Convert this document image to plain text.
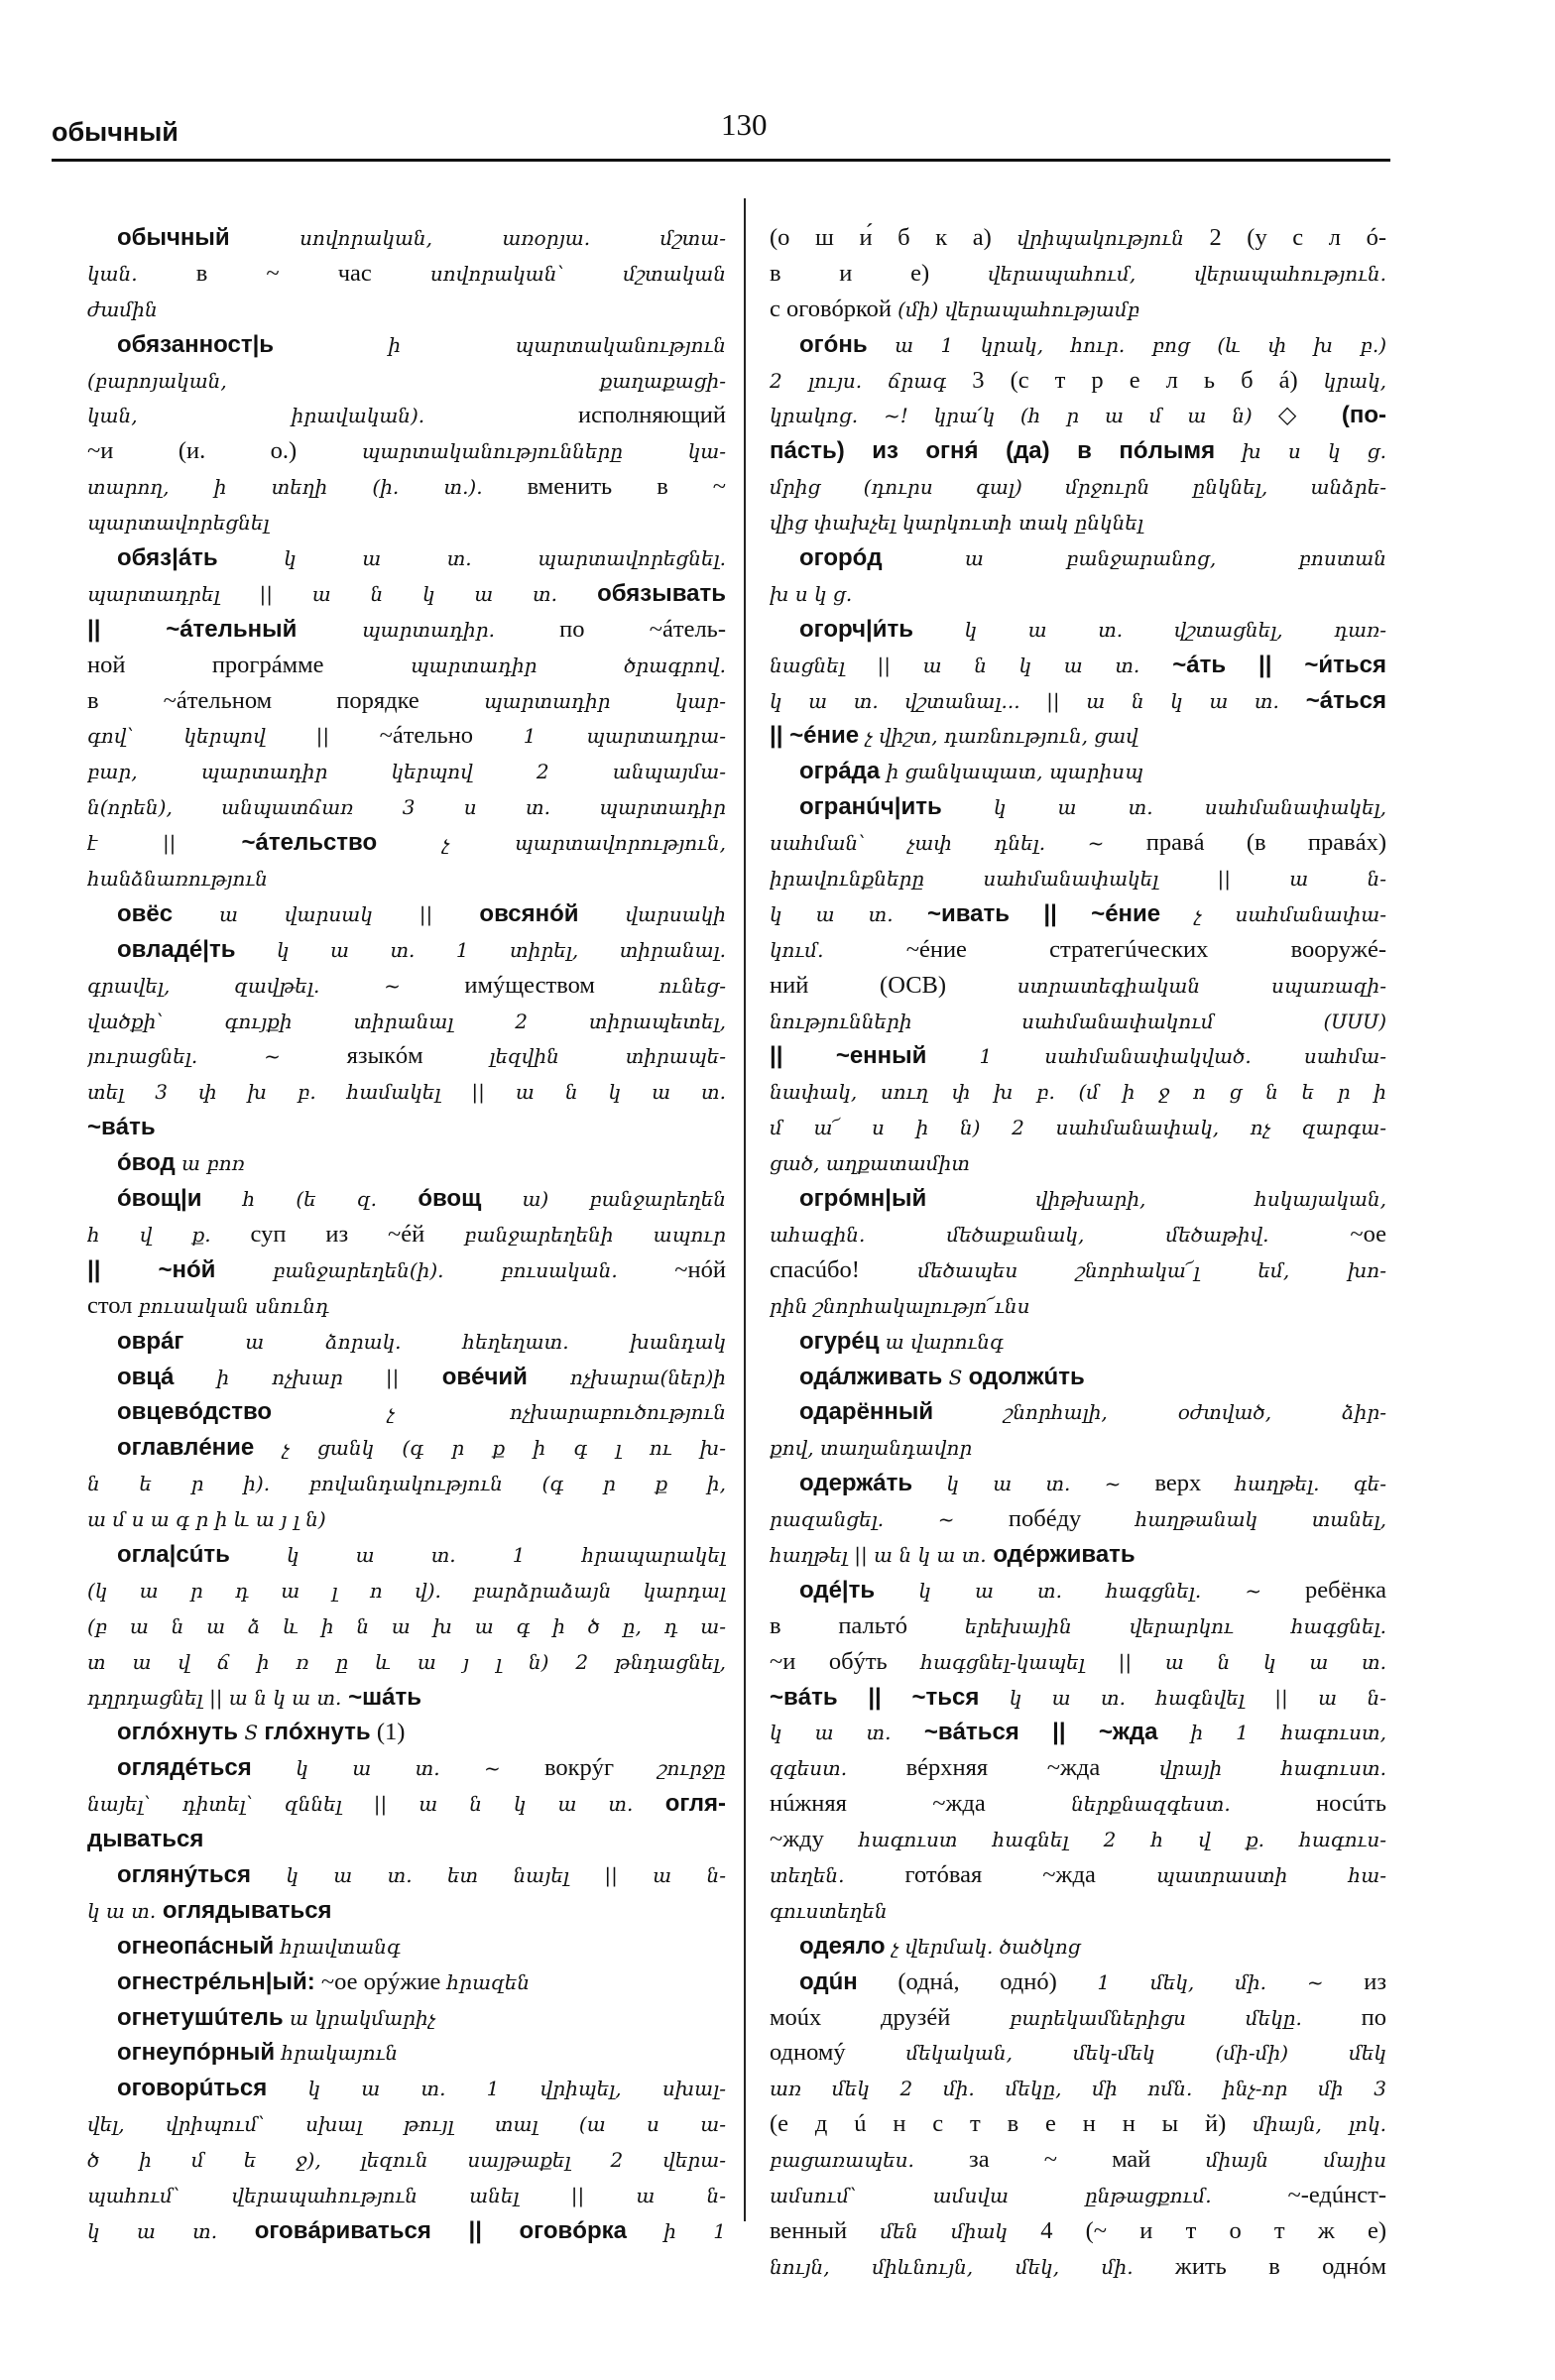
обычный	130
обычный սովորական, առօրյա. մշտա-
կան. в ~ час սովորական՝ մշտական
ժամին
обязанност|ь ի պարտականություն
(բարոյական, քաղաքացի-
կան, իրավական). исполняющий
~и (и. о.) պարտականությունները կա-
տարող, ի տեղի (ի. տ.). вменить в ~
պարտավորեցնել
обяз|áть կ ա տ. պարտավորեցնել.
պարտադրել || ա ն կ ա տ. обязывать
|| ~áтельный պարտադիր. по ~áтель-
ной прогрáмме պարտադիր ծրագրով.
в ~áтельном порядке պարտադիր կար-
գով՝ կերպով || ~áтельно 1 պարտադրա-
բար, պարտադիր կերպով 2 անպայմա-
ն(որեն), անպատճառ 3 ս տ. պարտադիր
է || ~áтельство չ պարտավորություն,
հանձնառություն
овёс ա վարսակ || овсянóй վարսակի
овладé|ть կ ա տ. 1 տիրել, տիրանալ.
գրավել, զավթել. ~ имýществом ունեց-
վածքի՝ գույքի տիրանալ 2 տիրապետել,
յուրացնել. ~ языкóм լեզվին տիրապե-
տել 3 փ խ բ. համակել || ա ն կ ա տ.
~вáть
óвод ա բոռ
óвощ|и հ (ե զ. óвощ ա) բանջարեղեն
հ վ ք. суп из ~éй բանջարեղենի ապուր
|| ~нóй բանջարեղեն(ի). բուսական. ~нóй
стол բուսական սնունդ
оврáг ա ձորակ. հեղեղատ. խանդակ
овцá ի ոչխար || овéчий ոչխարա(ներ)ի
овцевóдство չ ոչխարաբուծություն
оглавлéние չ ցանկ (գ ր ք ի գ լ ու խ-
ն ե ր ի). բովանդակություն (գ ր ք ի,
ա մ ս ա գ ր ի և ա յ լ ն)
огла|сúть կ ա տ. 1 հրապարակել
(կ ա ր դ ա լ ո վ). բարձրաձայն կարդալ
(բ ա ն ա ձ և ի ն ա խ ա գ ի ծ ը, դ ա-
տ ա վ ճ ի ռ ը և ա յ լ ն) 2 թնդացնել,
դղրդացնել || ա ն կ ա տ. ~шáть
оглóхнуть S глóхнуть (1)
оглядéться կ ա տ. ~ вокрýг շուրջը
նայել՝ դիտել՝ զննել || ա ն կ ա տ. огля-
дываться
оглянýться կ ա տ. ետ նայել || ա ն-
կ ա տ. оглядываться
огнеопáсный հրավտանգ
огнестрéльн|ый: ~ое орýжие հրազեն
огнетушúтель ա կրակմարիչ
огнеупóрный հրակայուն
оговорúться կ ա տ. 1 վրիպել, սխալ-
վել, վրիպում՝ սխալ թույլ տալ (ա ս ա-
ծ ի մ ե ջ), լեզուն սայթաքել 2 վերա-
պահում՝ վերապահություն անել || ա ն-
կ ա տ. оговáриваться || оговóрка ի 1
(о ш и́ б к а) վրիպակություն 2 (у с л ó-
в и е) վերապահում, վերապահություն.
с оговóркой (մի) վերապահությամբ
огóнь ա 1 կրակ, հուր. բոց (և փ խ բ.)
2 լույս. ճրագ 3 (с т р е л ь б á) կրակ,
կրակոց. ~! կրա՛կ (հ ր ա մ ա ն) ◇ (по-
пáсть) из огня́ (да) в пóлымя խ ս կ ց.
մրից (դուրս գալ) մրջուրն ընկնել, անձրե-
վից փախչել կարկուտի տակ ընկնել
огорóд ա բանջարանոց, բոստան
խ ս կ ց.
огорч|и́ть կ ա տ. վշտացնել, դառ-
նացնել || ա ն կ ա տ. ~áть || ~и́ться
կ ա տ. վշտանալ... || ա ն կ ա տ. ~áться
|| ~éние չ վիշտ, դառնություն, ցավ
огрáда ի ցանկապատ, պարիսպ
огранúч|ить կ ա տ. սահմանափակել,
սահման՝ չափ դնել. ~ правá (в правáх)
իրավունքները սահմանափակել || ա ն-
կ ա տ. ~ивать || ~éние չ սահմանափա-
կում. ~éние стратегúческих воорyжé-
ний (ОСВ) ստրատեգիական սպառազի-
նությունների սահմանափակում (ՍՍՍ)
|| ~енный 1 սահմանափակված. սահմա-
նափակ, սուղ փ խ բ. (մ ի ջ ո ց ն ե ր ի
մ ա՜ ս ի ն) 2 սահմանափակ, ոչ զարգա-
ցած, աղքատամիտ
огрóмн|ый վիթխարի, հսկայական,
ահագին. մեծաքանակ, մեծաթիվ. ~ое
спасúбо! մեծապես շնորհակա՜լ եմ, խո-
րին շնորհակալությո՜ւնս
огурéц ա վարունգ
одáлживать S одолжúть
одарённый շնորհալի, օժտված, ձիր-
քով, տաղանդավոր
одержáть կ ա տ. ~ верх հաղթել. գե-
րազանցել. ~ побéду հաղթանակ տանել,
հաղթել || ա ն կ ա տ. одéрживать
одé|ть կ ա տ. հագցնել. ~ ребёнка
в пальтó երեխային վերարկու հագցնել.
~и обýть հագցնել-կապել || ա ն կ ա տ.
~вáть || ~ться կ ա տ. հագնվել || ա ն-
կ ա տ. ~вáться || ~жда ի 1 հագուստ,
զգեստ. вéрхняя ~жда վրայի հագուստ.
нúжняя ~жда ներքնազգեստ. носúть
~жду հագուստ հագնել 2 հ վ ք. հագուս-
տեղեն. готóвая ~жда պատրաստի հա-
գուստեղեն
одеяло չ վերմակ. ծածկոց
одúн (однá, однó) 1 մեկ, մի. ~ из
моúх друзéй բարեկամներիցս մեկը. по
одномý մեկական, մեկ-մեկ (մի-մի) մեկ
առ մեկ 2 մի. մեկը, մի ոմն. ինչ-որ մի 3
(е д ú н с т в е н н ы й) միայն, լոկ.
բացառապես. за ~ май միայն մայիս
ամսում՝ ամսվա ընթացքում. ~-едúнст-
венный մեն միակ 4 (~ и т о т ж е)
նույն, միևնույն, մեկ, մի. жить в однóм
